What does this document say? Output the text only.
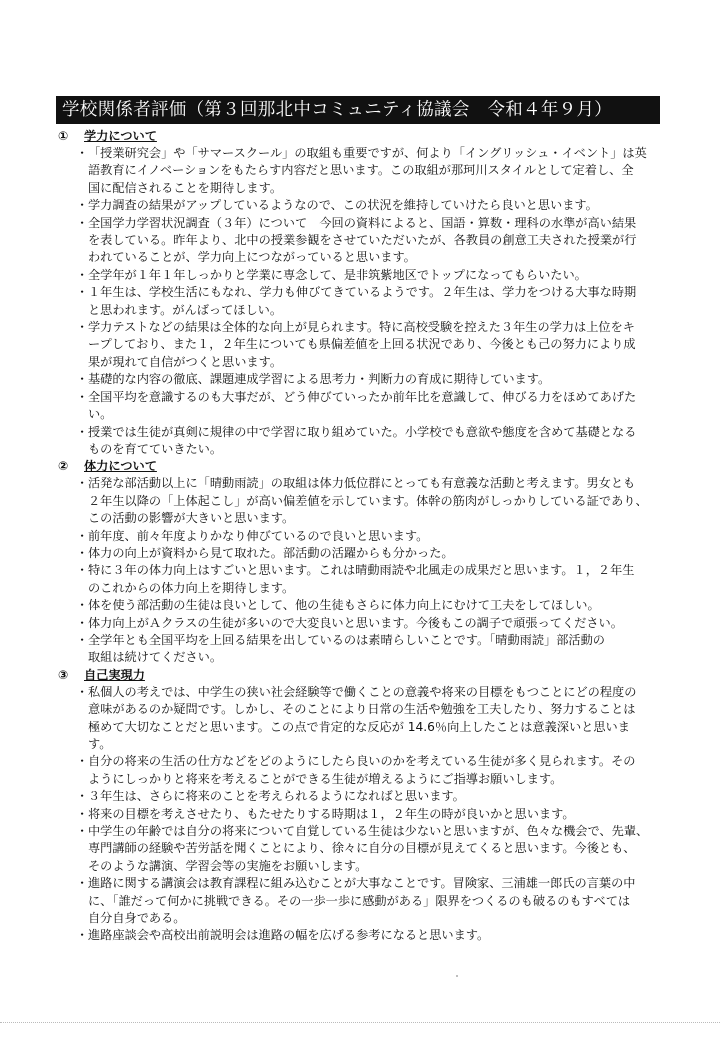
学校関係者評価（第３回那北中コミュニティ協議会　令和４年９月）
①	学力について
・ 「授業研究会」や「サマースクール」の取組も重要ですが、何より「イングリッシュ・イベント」は英
語教育にイノベーションをもたらす内容だと思います。この取組が那珂川スタイルとして定着し、全
国に配信されることを期待します。
・ 学力調査の結果がアップしているようなので、この状況を維持していけたら良いと思います。
・ 全国学力学習状況調査（３年）について　今回の資料によると、国語・算数・理科の水準が高い結果
を表している。昨年より、北中の授業参観をさせていただいたが、各教員の創意工夫された授業が行
われていることが、学力向上につながっていると思います。
・ 全学年が１年１年しっかりと学業に専念して、是非筑紫地区でトップになってもらいたい。
・ １年生は、学校生活にもなれ、学力も伸びてきているようです。２年生は、学力をつける大事な時期
と思われます。がんばってほしい。
・ 学力テストなどの結果は全体的な向上が見られます。特に高校受験を控えた３年生の学力は上位をキ
ープしており、また１，２年生についても県偏差値を上回る状況であり、今後とも己の努力により成
果が現れて自信がつくと思います。
・ 基礎的な内容の徹底、課題連成学習による思考力・判断力の育成に期待しています。
・ 全国平均を意識するのも大事だが、どう伸びていったか前年比を意識して、伸びる力をほめてあげた
い。
・ 授業では生徒が真剣に規律の中で学習に取り組めていた。小学校でも意欲や態度を含めて基礎となる
ものを育てていきたい。
②	体力について
・ 活発な部活動以上に「晴動雨読」の取組は体力低位群にとっても有意義な活動と考えます。男女とも
２年生以降の「上体起こし」が高い偏差値を示しています。体幹の筋肉がしっかりしている証であり、
この活動の影響が大きいと思います。
・ 前年度、前々年度よりかなり伸びているので良いと思います。
・ 体力の向上が資料から見て取れた。部活動の活躍からも分かった。
・ 特に３年の体力向上はすごいと思います。これは晴動雨読や北風走の成果だと思います。１，２年生
のこれからの体力向上を期待します。
・ 体を使う部活動の生徒は良いとして、他の生徒もさらに体力向上にむけて工夫をしてほしい。
・ 体力向上がＡクラスの生徒が多いので大変良いと思います。今後もこの調子で頑張ってください。
・ 全学年とも全国平均を上回る結果を出しているのは素晴らしいことです。「晴動雨読」部活動の
取組は続けてください。
③	自己実現力
・ 私個人の考えでは、中学生の狭い社会経験等で働くことの意義や将来の目標をもつことにどの程度の
意味があるのか疑問です。しかし、そのことにより日常の生活や勉強を工夫したり、努力することは
極めて大切なことだと思います。この点で肯定的な反応が 14.6％向上したことは意義深いと思いま
す。
・ 自分の将来の生活の仕方などをどのようにしたら良いのかを考えている生徒が多く見られます。その
ようにしっかりと将来を考えることができる生徒が増えるようにご指導お願いします。
・ ３年生は、さらに将来のことを考えられるようになればと思います。
・ 将来の目標を考えさせたり、もたせたりする時期は１，２年生の時が良いかと思います。
・ 中学生の年齢では自分の将来について自覚している生徒は少ないと思いますが、色々な機会で、先輩、
専門講師の経験や苦労話を聞くことにより、徐々に自分の目標が見えてくると思います。今後とも、
そのような講演、学習会等の実施をお願いします。
・ 進路に関する講演会は教育課程に組み込むことが大事なことです。冒険家、三浦雄一郎氏の言葉の中
に、「誰だって何かに挑戦できる。その一歩一歩に感動がある」限界をつくるのも破るのもすべては
自分自身である。
・ 進路座談会や高校出前説明会は進路の幅を広げる参考になると思います。
